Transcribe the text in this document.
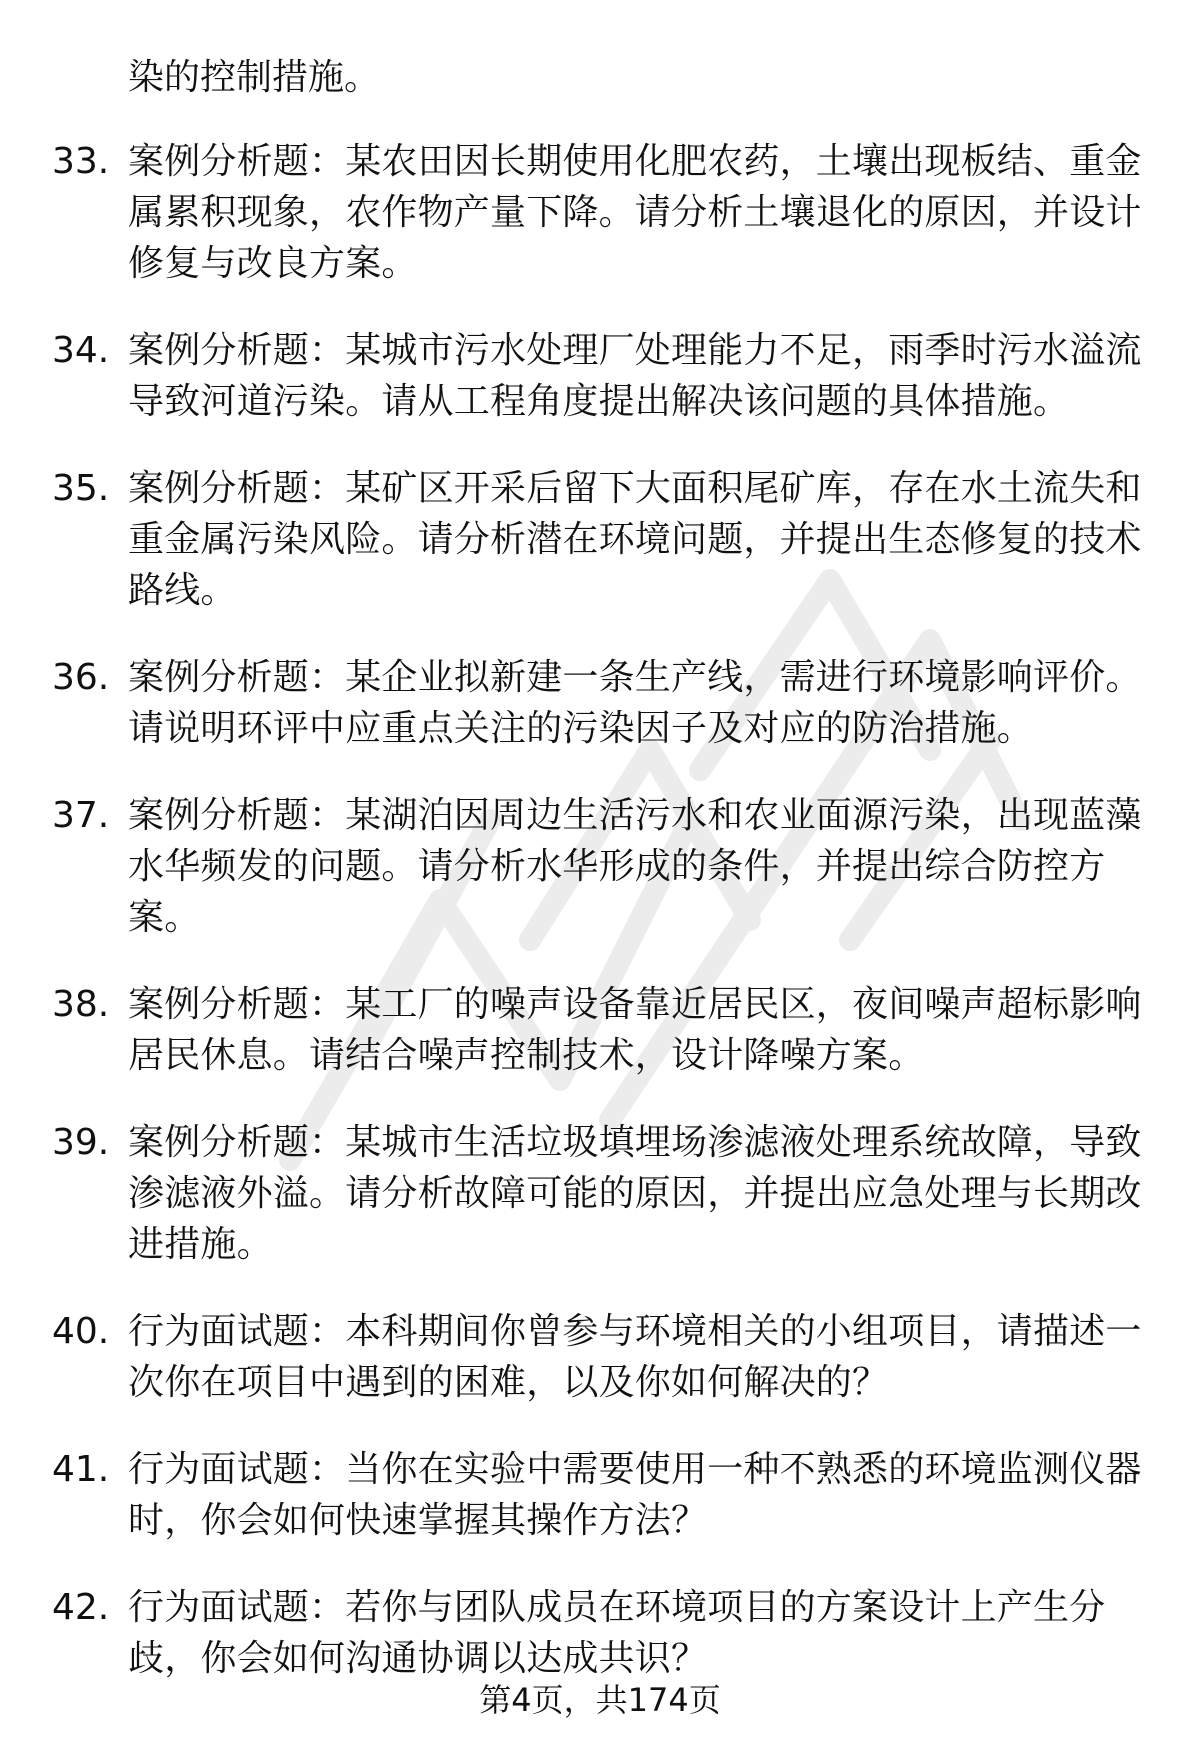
染的控制措施。
33. 案例分析题：某农田因长期使用化肥农药，土壤出现板结、重金属累积现象，农作物产量下降。请分析土壤退化的原因，并设计修复与改良方案。
34. 案例分析题：某城市污水处理厂处理能力不足，雨季时污水溢流导致河道污染。请从工程角度提出解决该问题的具体措施。
35. 案例分析题：某矿区开采后留下大面积尾矿库，存在水土流失和重金属污染风险。请分析潜在环境问题，并提出生态修复的技术路线。
36. 案例分析题：某企业拟新建一条生产线，需进行环境影响评价。请说明环评中应重点关注的污染因子及对应的防治措施。
37. 案例分析题：某湖泊因周边生活污水和农业面源污染，出现蓝藻水华频发的问题。请分析水华形成的条件，并提出综合防控方案。
38. 案例分析题：某工厂的噪声设备靠近居民区，夜间噪声超标影响居民休息。请结合噪声控制技术，设计降噪方案。
39. 案例分析题：某城市生活垃圾填埋场渗滤液处理系统故障，导致渗滤液外溢。请分析故障可能的原因，并提出应急处理与长期改进措施。
40. 行为面试题：本科期间你曾参与环境相关的小组项目，请描述一次你在项目中遇到的困难，以及你如何解决的？
41. 行为面试题：当你在实验中需要使用一种不熟悉的环境监测仪器时，你会如何快速掌握其操作方法？
42. 行为面试题：若你与团队成员在环境项目的方案设计上产生分歧，你会如何沟通协调以达成共识？
第4页，共174页
